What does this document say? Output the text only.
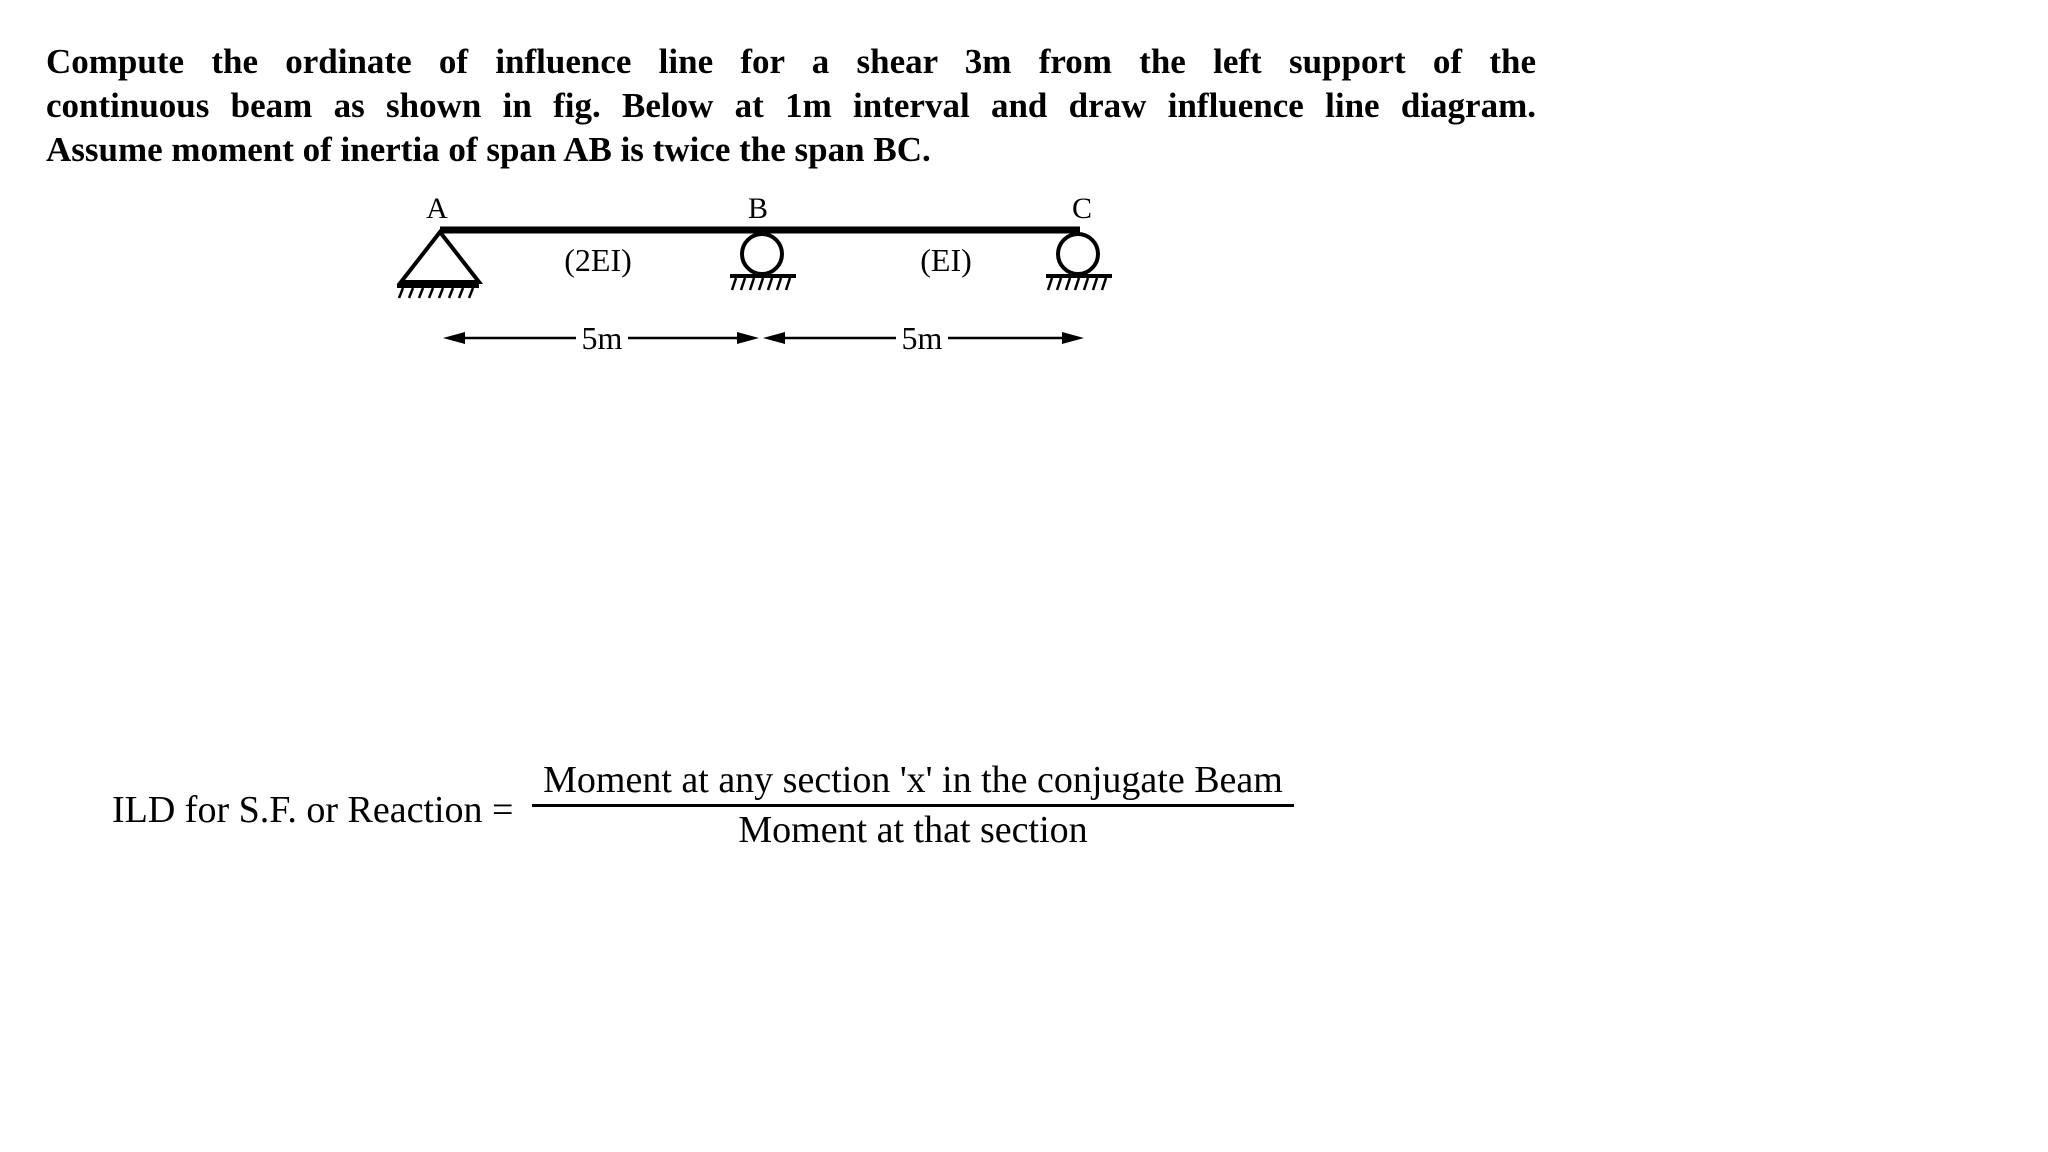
Compute the ordinate of influence line for a shear 3m from the left support of the
continuous beam as shown in fig. Below at 1m interval and draw influence line diagram.
Assume moment of inertia of span AB is twice the span BC.
A	B	C
(2EI)	(EI)
5m	5m
ILD for S.F. or Reaction =
Moment at any section 'x' in the conjugate Beam
Moment at that section
